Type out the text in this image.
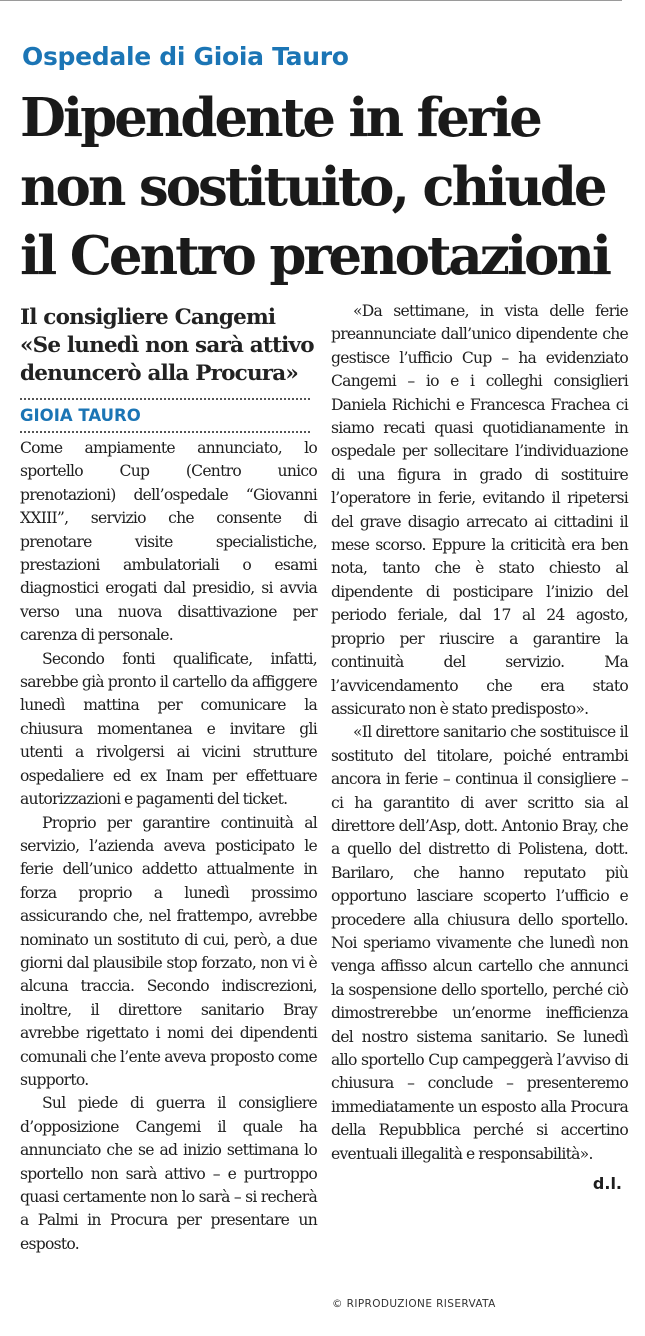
Ospedale di Gioia Tauro
Dipendente in ferie
non sostituito, chiude
il Centro prenotazioni
Il consigliere Cangemi
«Se lunedì non sarà attivo
denuncerò alla Procura»
GIOIA TAURO

Come ampiamente annunciato, lo sportello Cup (Centro unico prenotazioni) dell’ospedale “Giovanni XXIII”, servizio che consente di prenotare visite specialistiche, prestazioni ambulatoriali o esami diagnostici erogati dal presidio, si avvia verso una nuova disattivazione per carenza di personale.

Secondo fonti qualificate, infatti, sarebbe già pronto il cartello da affiggere lunedì mattina per comunicare la chiusura momentanea e invitare gli utenti a rivolgersi ai vicini strutture ospedaliere ed ex Inam per effettuare autorizzazioni e pagamenti del ticket.

Proprio per garantire continuità al servizio, l’azienda aveva posticipato le ferie dell’unico addetto attualmente in forza proprio a lunedì prossimo assicurando che, nel frattempo, avrebbe nominato un sostituto di cui, però, a due giorni dal plausibile stop forzato, non vi è alcuna traccia. Secondo indiscrezioni, inoltre, il direttore sanitario Bray avrebbe rigettato i nomi dei dipendenti comunali che l’ente aveva proposto come supporto.

Sul piede di guerra il consigliere d’opposizione Cangemi il quale ha annunciato che se ad inizio settimana lo sportello non sarà attivo – e purtroppo quasi certamente non lo sarà – si recherà a Palmi in Procura per presentare un esposto.

«Da settimane, in vista delle ferie preannunciate dall’unico dipendente che gestisce l’ufficio Cup – ha evidenziato Cangemi – io e i colleghi consiglieri Daniela Richichi e Francesca Frachea ci siamo recati quasi quotidianamente in ospedale per sollecitare l’individuazione di una figura in grado di sostituire l’operatore in ferie, evitando il ripetersi del grave disagio arrecato ai cittadini il mese scorso. Eppure la criticità era ben nota, tanto che è stato chiesto al dipendente di posticipare l’inizio del periodo feriale, dal 17 al 24 agosto, proprio per riuscire a garantire la continuità del servizio. Ma l’avvicendamento che era stato assicurato non è stato predisposto».

«Il direttore sanitario che sostituisce il sostituto del titolare, poiché entrambi ancora in ferie – continua il consigliere – ci ha garantito di aver scritto sia al direttore dell’Asp, dott. Antonio Bray, che a quello del distretto di Polistena, dott. Barilaro, che hanno reputato più opportuno lasciare scoperto l’ufficio e procedere alla chiusura dello sportello. Noi speriamo vivamente che lunedì non venga affisso alcun cartello che annunci la sospensione dello sportello, perché ciò dimostrerebbe un’enorme inefficienza del nostro sistema sanitario. Se lunedì allo sportello Cup campeggerà l’avviso di chiusura – conclude – presenteremo immediatamente un esposto alla Procura della Repubblica perché si accertino eventuali illegalità e responsabilità».

d.l.
© RIPRODUZIONE RISERVATA
